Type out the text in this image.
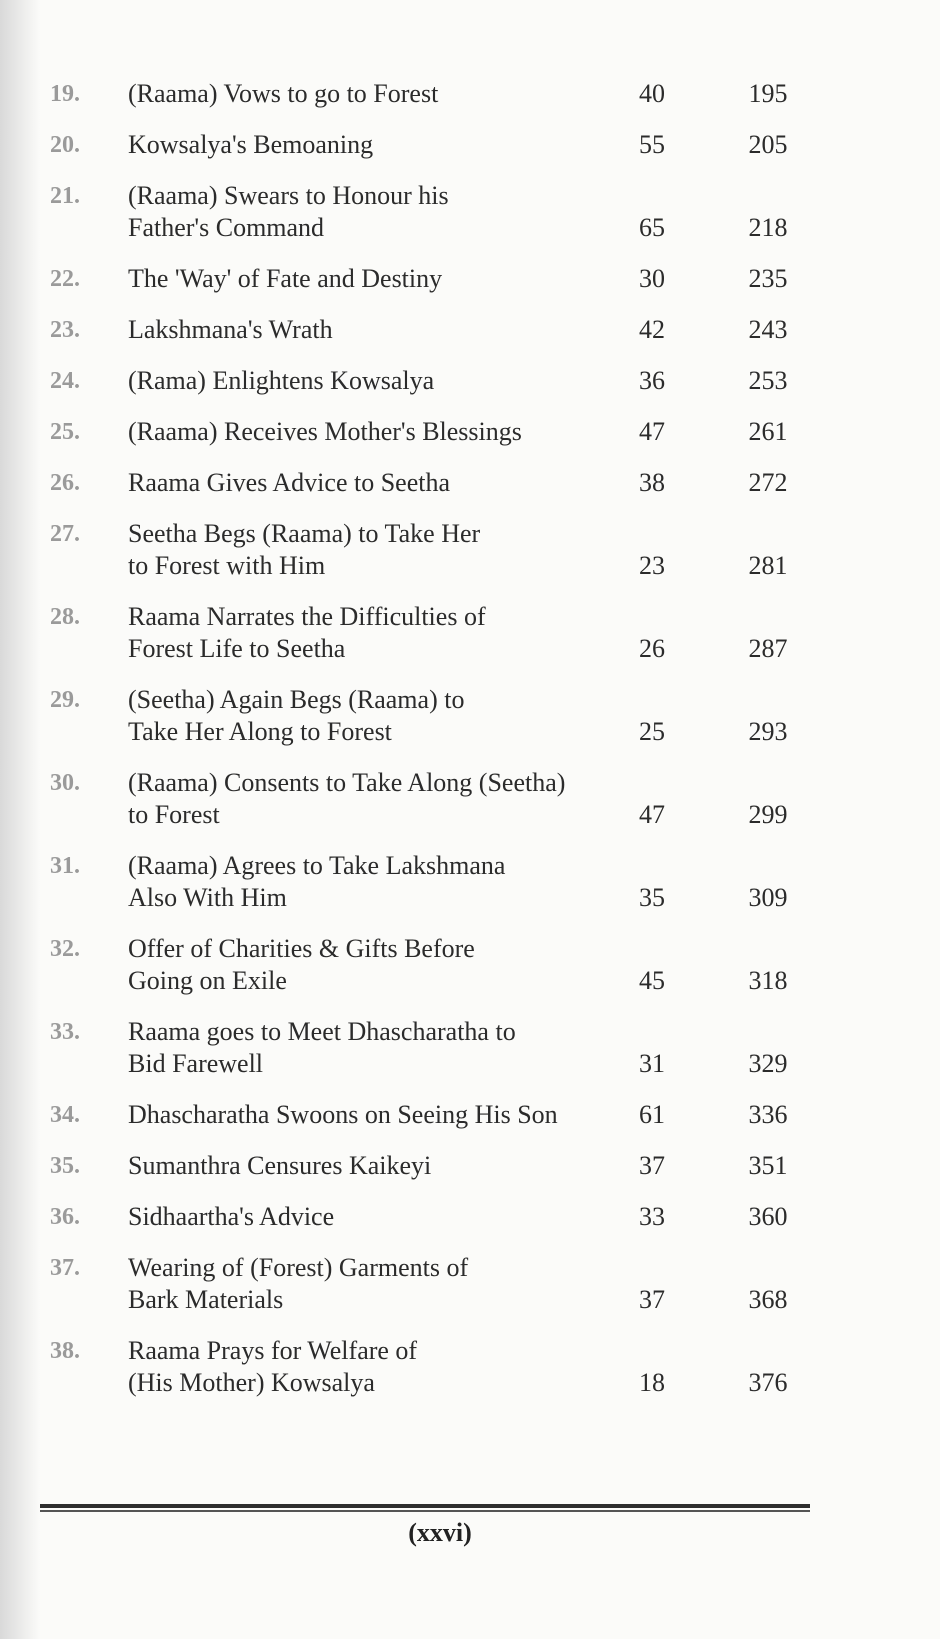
19.	(Raama) Vows to go to Forest	40	195
20.	Kowsalya's Bemoaning	55	205
21.	(Raama) Swears to Honour his
Father's Command	65	218
22.	The 'Way' of Fate and Destiny	30	235
23.	Lakshmana's Wrath	42	243
24.	(Rama) Enlightens Kowsalya	36	253
25.	(Raama) Receives Mother's Blessings	47	261
26.	Raama Gives Advice to Seetha	38	272
27.	Seetha Begs (Raama) to Take Her
to Forest with Him	23	281
28.	Raama Narrates the Difficulties of
Forest Life to Seetha	26	287
29.	(Seetha) Again Begs (Raama) to
Take Her Along to Forest	25	293
30.	(Raama) Consents to Take Along (Seetha)
to Forest	47	299
31.	(Raama) Agrees to Take Lakshmana
Also With Him	35	309
32.	Offer of Charities & Gifts Before
Going on Exile	45	318
33.	Raama goes to Meet Dhascharatha to
Bid Farewell	31	329
34.	Dhascharatha Swoons on Seeing His Son	61	336
35.	Sumanthra Censures Kaikeyi	37	351
36.	Sidhaartha's Advice	33	360
37.	Wearing of (Forest) Garments of
Bark Materials	37	368
38.	Raama Prays for Welfare of
(His Mother) Kowsalya	18	376
(xxvi)
